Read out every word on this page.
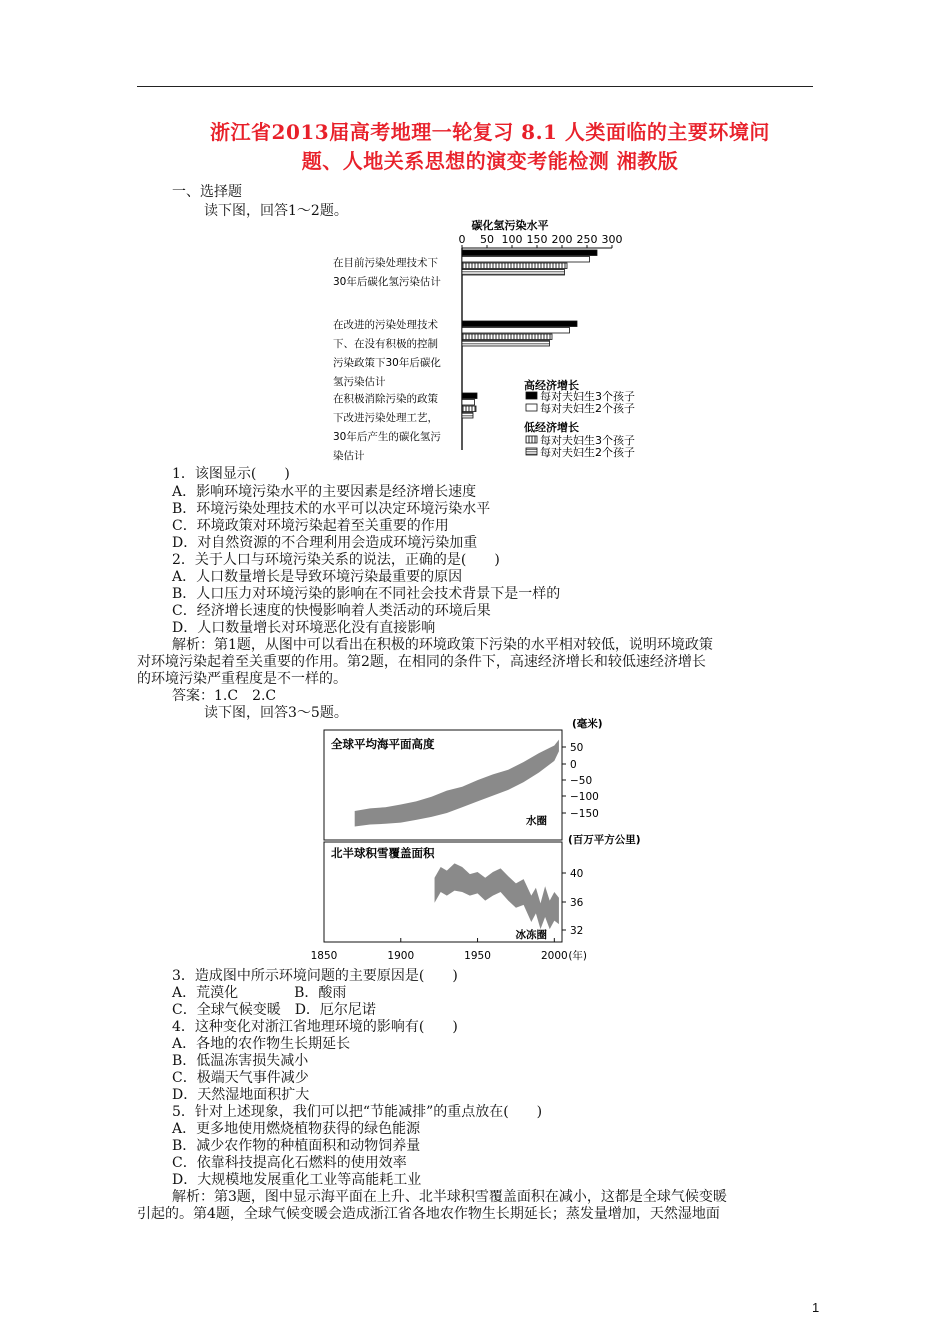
浙江省2013届高考地理一轮复习 8.1 人类面临的主要环境问
题、人地关系思想的演变考能检测 湘教版
一、选择题
读下图，回答1～2题。
碳化氢污染水平
0 50 100 150 200 250 300
在目前污染处理技术下
30年后碳化氢污染估计
在改进的污染处理技术
下、在没有积极的控制
污染政策下30年后碳化
氢污染估计
在积极消除污染的政策
下改进污染处理工艺，
30年后产生的碳化氢污
染估计
高经济增长
低经济增长
每对夫妇生3个孩子
每对夫妇生2个孩子
每对夫妇生3个孩子
每对夫妇生2个孩子
1．该图显示(　　)
A．影响环境污染水平的主要因素是经济增长速度
B．环境污染处理技术的水平可以决定环境污染水平
C．环境政策对环境污染起着至关重要的作用
D．对自然资源的不合理利用会造成环境污染加重
2．关于人口与环境污染关系的说法，正确的是(　　)
A．人口数量增长是导致环境污染最重要的原因
B．人口压力对环境污染的影响在不同社会技术背景下是一样的
C．经济增长速度的快慢影响着人类活动的环境后果
D．人口数量增长对环境恶化没有直接影响
解析：第1题，从图中可以看出在积极的环境政策下污染的水平相对较低，说明环境政策
对环境污染起着至关重要的作用。第2题，在相同的条件下，高速经济增长和较低速经济增长
的环境污染严重程度是不一样的。
答案：1.C　2.C
读下图，回答3～5题。
全球平均海平面高度
水圈
(毫米)
50
0
−50
−100
−150
北半球积雪覆盖面积
冰冻圈
(百万平方公里)
40
36
32
1850	1900	1950	2000 (年)
3．造成图中所示环境问题的主要原因是(　　)
A．荒漠化　　　　B．酸雨
C．全球气候变暖　D．厄尔尼诺
4．这种变化对浙江省地理环境的影响有(　　)
A．各地的农作物生长期延长
B．低温冻害损失减小
C．极端天气事件减少
D．天然湿地面积扩大
5．针对上述现象，我们可以把“节能减排”的重点放在(　　)
A．更多地使用燃烧植物获得的绿色能源
B．减少农作物的种植面积和动物饲养量
C．依靠科技提高化石燃料的使用效率
D．大规模地发展重化工业等高能耗工业
解析：第3题，图中显示海平面在上升、北半球积雪覆盖面积在减小，这都是全球气候变暖
引起的。第4题，全球气候变暖会造成浙江省各地农作物生长期延长；蒸发量增加，天然湿地面
1
